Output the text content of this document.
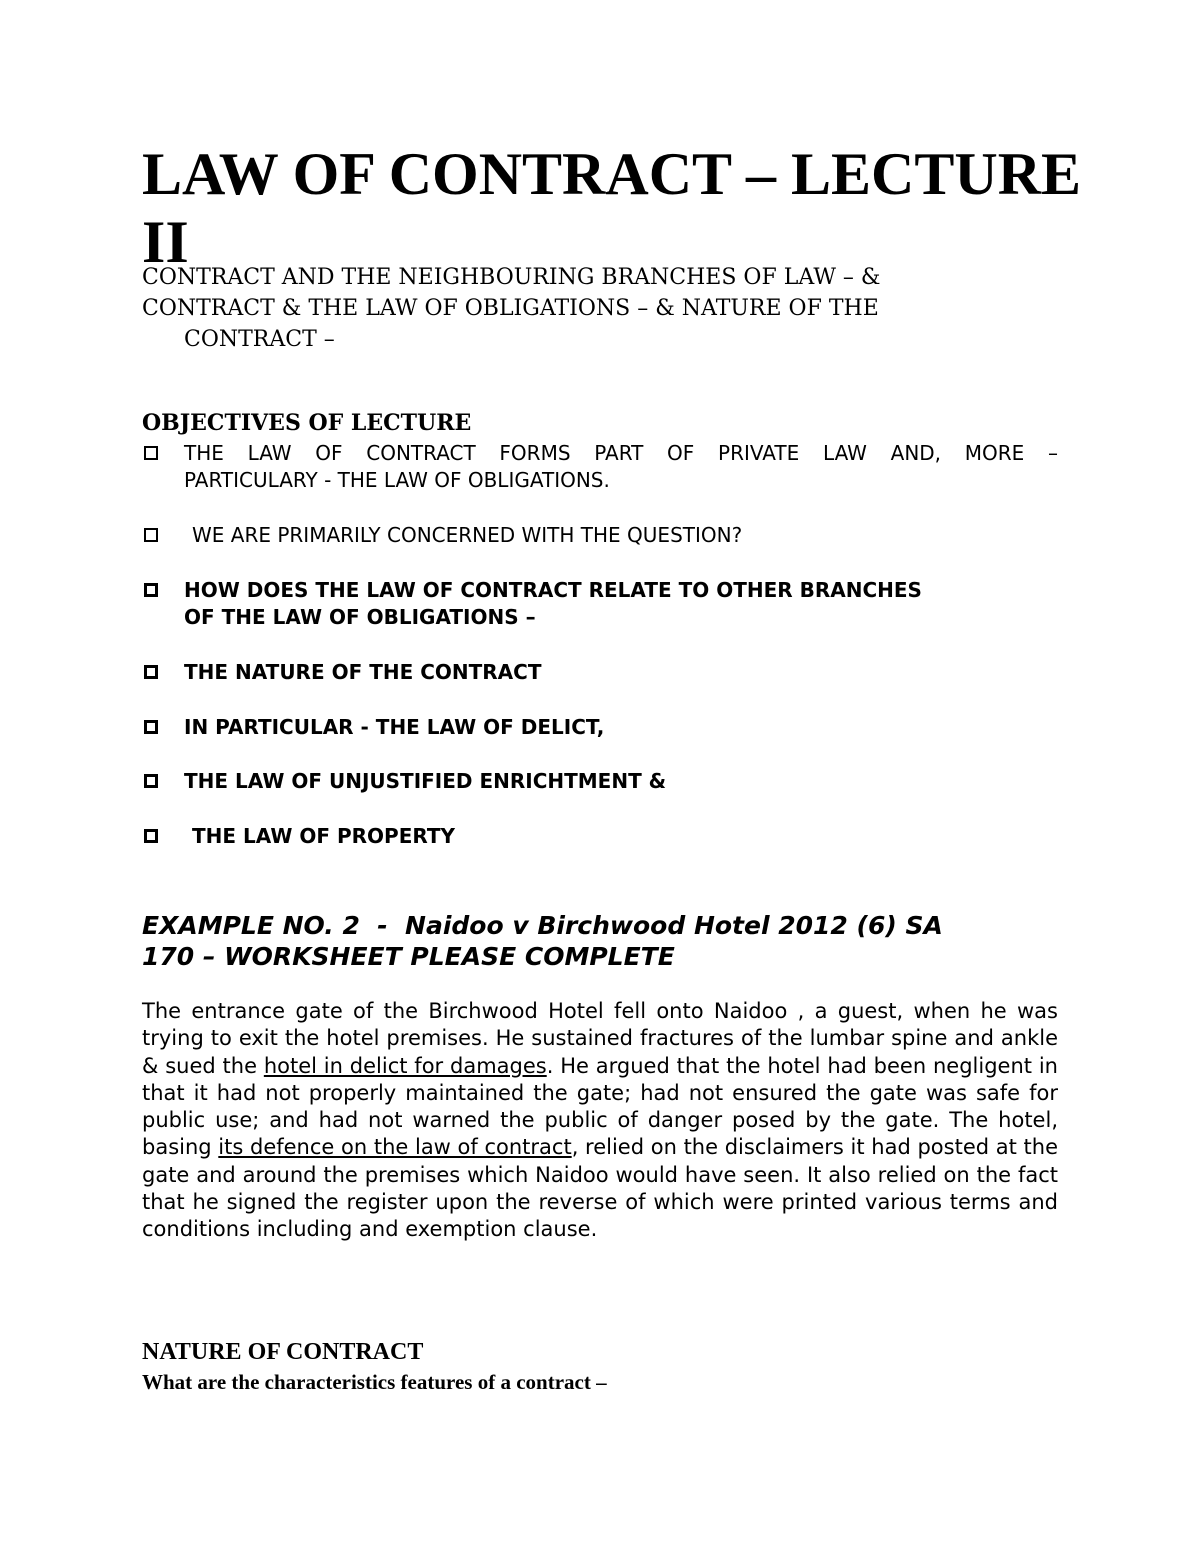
LAW OF CONTRACT – LECTURE II

CONTRACT AND THE NEIGHBOURING BRANCHES OF LAW – &
CONTRACT & THE LAW OF OBLIGATIONS – & NATURE OF THE
CONTRACT –

OBJECTIVES OF LECTURE
THE LAW OF CONTRACT FORMS PART OF PRIVATE LAW AND, MORE –
PARTICULARY - THE LAW OF OBLIGATIONS.
WE ARE PRIMARILY CONCERNED WITH THE QUESTION?
HOW DOES THE LAW OF CONTRACT RELATE TO OTHER BRANCHES
OF THE LAW OF OBLIGATIONS –
THE NATURE OF THE CONTRACT
IN PARTICULAR - THE LAW OF DELICT,
THE LAW OF UNJUSTIFIED ENRICHTMENT &
THE LAW OF PROPERTY
EXAMPLE NO. 2  -  Naidoo v Birchwood Hotel 2012 (6) SA
170 – WORKSHEET PLEASE COMPLETE

The entrance gate of the Birchwood Hotel fell onto Naidoo , a guest, when he was trying to exit the hotel premises. He sustained fractures of the lumbar spine and ankle & sued the hotel in delict for damages. He argued that the hotel had been negligent in that it had not properly maintained the gate; had not ensured the gate was safe for public use; and had not warned the public of danger posed by the gate. The hotel, basing its defence on the law of contract, relied on the disclaimers it had posted at the gate and around the premises which Naidoo would have seen. It also relied on the fact that he signed the register upon the reverse of which were printed various terms and conditions including and exemption clause.

NATURE OF CONTRACT

What are the characteristics features of a contract –
